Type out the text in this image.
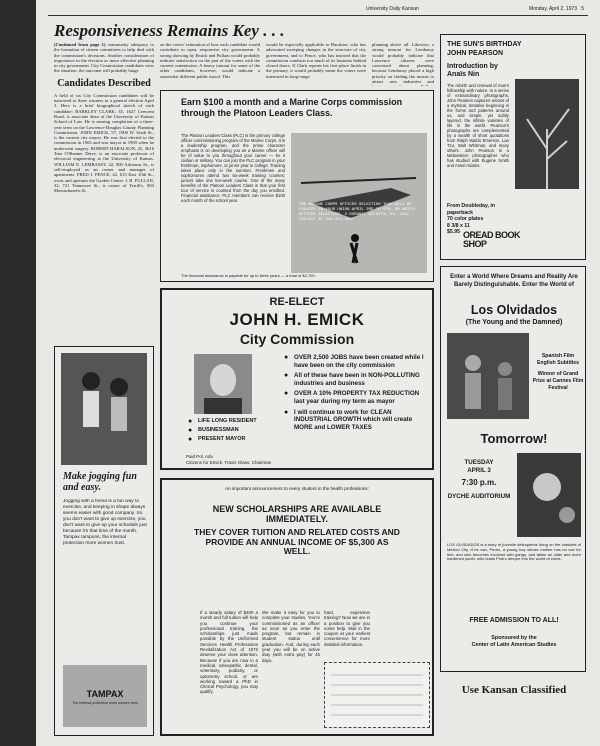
University Daily Kansan	Monday, April 2, 1973 5
Responsiveness Remains Key . . .

(Continued from page 1) community adequacy to the formation of citizen committees to help deal with the commission's decisions. Another consideration of importance in the election as more effective planning in city government. City Commission candidates view the situation, the outcome will probably hinge

Candidates Described

A field of six City Commission candidates will be narrowed to three winners in a general election April 3. Here is a brief biographical sketch of each candidate: BARKLEY CLARK, 35, 1627 Crescent Road, is associate dean of the University of Kansas School of Law. He is nearing completion of a three-year term on the Lawrence-Douglas County Planning Commission. JOHN EMICK, 57, 1900 W. Sixth St., is the current city mayor. He was first elected to the commission in 1965 and was mayor in 1969 when he underwent surgery. ROBERT HARALSON, 25, 3616 Tam O'Shanter Drive, is an associate professor of electrical engineering at the University of Kansas. WILLIAM E. LEMBASSY, 42, 900 Arkansas St., is self-employed as an owner and manager of apartments. FRED J. PENCE, 42, 615 East 10th St., owns and operates the Garden Center. J. R. FULLAN, 32, 721 Tennessee St., is owner of Terrill's, 803 Massachusetts St.

on the voters' estimation of how each candidate would contribute to open, responsive city government. A strong showing by Emick and Pullam would probably indicate satisfaction on the part of the voters with the current commission. A heavy turnout for some of the other candidates, however, would indicate a somewhat different public mood. This
would be especially applicable to Haralson, who has advocated sweeping changes in the structure of city government, and to Pence, who has insisted that the commission conducts too much of its business behind closed doors. If Clark repeats his first-place finish in the primary, it would probably mean the voters were interested in long-range
planning above all. Likewise, a strong turnout for Lembassy would probably indicate that Lawrence citizens were concerned about planning, because Lembassy placed a high priority on finding the means to attract new industries and
Earn $100 a month and a Marine Corps commission through the Platoon Leaders Class.
The Platoon Leaders Class (PLC) is the primary college officer commissioning program of the Marine Corps. It is a leadership program, and the prime character emphasis is on developing you as a Marine officer will be of value to you throughout your career — be it civilian or military. You can join the PLC program in your freshman, sophomore, or junior year in college. Training takes place only in the summer. Freshmen and sophomores attend two six-week training courses; juniors take one ten-week course. One of the many benefits of the Platoon Leaders Class is that your first tour of service is counted from the day you enrolled. Financial assistance: PLC members can receive $100 each month of the school year.
THE MARINE CORPS OFFICER SELECTION TEAM WILL BE LOCATED IN YOUR UNION APRIL 3RD TO 5TH. OR WRITE: OFFICER SELECTION, 2 DURANT, WICHITA, KS. CALL COLLECT AT 316-374-2207
The financial assistance is payable for up to three years — a total of $2,700.
Make jogging fun and easy.
Jogging with a friend is a fun way to exercise, and keeping in shape always seems easier with good company. So you don't want to give up exercise, you don't want to give up your schedule just because it's that time of the month. Tampax tampons, the internal protection more women trust.
TAMPAX
The internal protection more women trust
RE-ELECT
JOHN H. EMICK
City Commission
● LIFE LONG RESIDENT
● BUSINESSMAN
● PRESENT MAYOR
● OVER 2,500 JOBS have been created while I have been on the city commission
● All of these have been in NON-POLLUTING industries and business
● OVER A 10% PROPERTY TAX REDUCTION last year during my term as mayor
● I will continue to work for CLEAN INDUSTRIAL GROWTH which will create MORE and LOWER TAXES
Paid Pol. Adv.
Citizens for Emick, Travis Glass, Chairman
An important announcement to every student in the health professions:
NEW SCHOLARSHIPS ARE AVAILABLE IMMEDIATELY.
THEY COVER TUITION AND RELATED COSTS AND PROVIDE AN ANNUAL INCOME OF $5,300 AS WELL.
If a steady salary of $400 a month and full tuition will help you continue your professional training, the scholarships just made possible by the Uniformed Services Health Professions Revitalization Act of 1972 deserve your close attention. Because if you are now in a medical, osteopathic, dental, veterinary, podiatry, or optometry school, or are working toward a PhD in Clinical Psychology, you may qualify.
We make it easy for you to complete your studies. You're commissioned as an officer as soon as you enter the program, but remain in student status until graduation. And, during each year you will be on active duty (with extra pay) for 45 days.
hard, expensive training? Now we are in a position to give you some help. Mail in the coupon at your earliest convenience for more detailed information.
THE SUN'S BIRTHDAY
JOHN PEARSON
Introduction by Anaïs Nin
The rebirth and renewal of man's fellowship with nature. In a series of extraordinary photographs, John Pearson captures visions of a mystical, tentative beginning in the forms and patterns around us, and simple, yet subtly layered, the infinite varieties of life in the world. Pearson's photographs are complemented by a wealth of short quotations from Ralph Waldo Emerson, Lao Tzu, Walt Whitman, and many others. John Pearson is a Midwestern photographer who has studied with Eugene Smith and Ansel Adams.
From Doubleday, in paperback
70 color plates
8 3/8 x 11
$5.95 OREAD BOOK SHOP
Enter a World Where Dreams and Reality Are Barely Distinguishable. Enter the World of
Los Olvidados
(The Young and the Damned)
Spanish Film
English Subtitles
Winner of Grand Prize at Cannes Film Festival
Tomorrow!
TUESDAY
APRIL 3
7:30 p.m.
DYCHE AUDITORIUM
LOS OLVIDADOS is a story of juvenile delinquents living on the outskirts of Mexico City. If he can, Pedro, a young boy whose mother has no use for him, and who becomes involved with gangs, and takes an older and more hardened youth, who leads Pedro deeper into the world of crime.
FREE ADMISSION TO ALL!
Sponsored by the
Center of Latin American Studies
Use Kansan Classified
